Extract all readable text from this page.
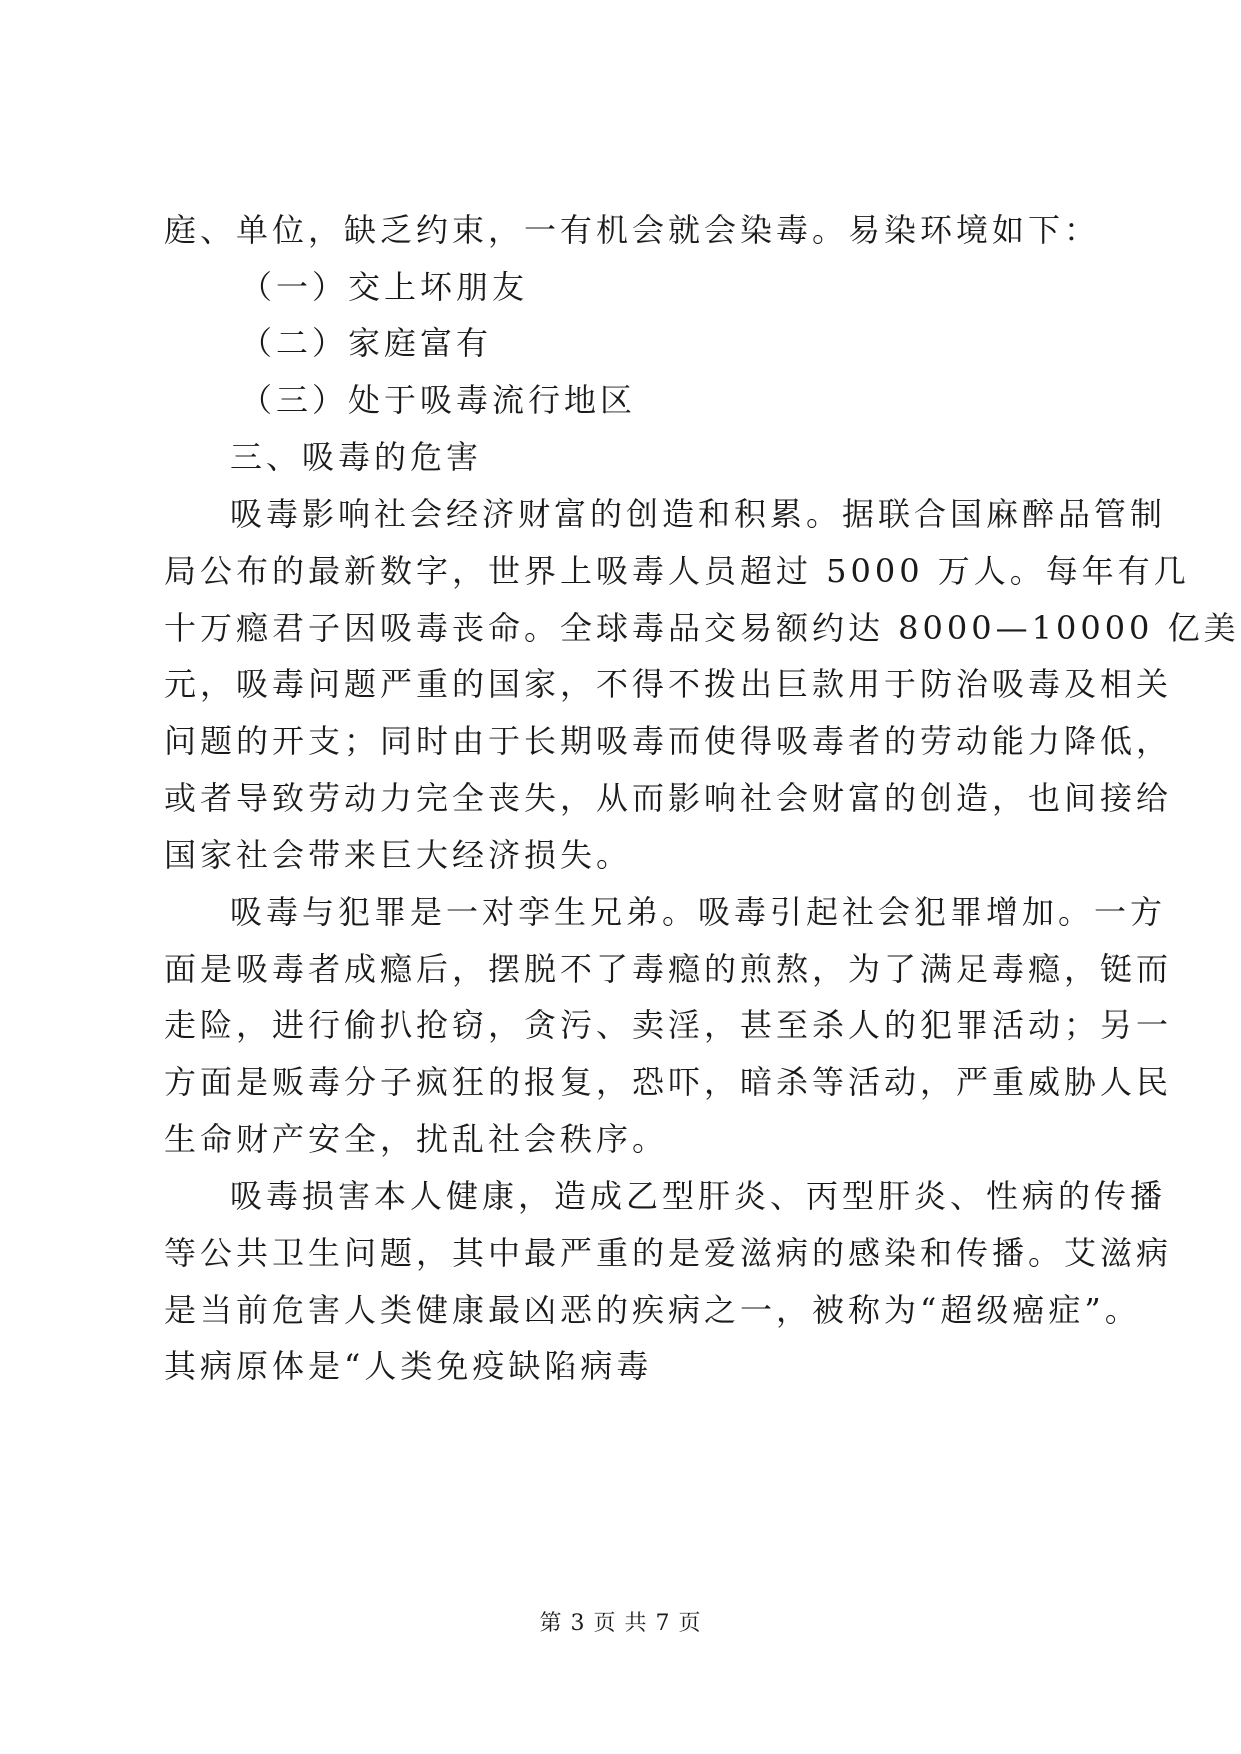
庭、单位，缺乏约束，一有机会就会染毒。易染环境如下：
（一）交上坏朋友
（二）家庭富有
（三）处于吸毒流行地区
三、吸毒的危害
吸毒影响社会经济财富的创造和积累。据联合国麻醉品管制
局公布的最新数字，世界上吸毒人员超过 5000 万人。每年有几
十万瘾君子因吸毒丧命。全球毒品交易额约达 8000—10000 亿美
元，吸毒问题严重的国家，不得不拨出巨款用于防治吸毒及相关
问题的开支；同时由于长期吸毒而使得吸毒者的劳动能力降低，
或者导致劳动力完全丧失，从而影响社会财富的创造，也间接给
国家社会带来巨大经济损失。
吸毒与犯罪是一对孪生兄弟。吸毒引起社会犯罪增加。一方
面是吸毒者成瘾后，摆脱不了毒瘾的煎熬，为了满足毒瘾，铤而
走险，进行偷扒抢窃，贪污、卖淫，甚至杀人的犯罪活动；另一
方面是贩毒分子疯狂的报复，恐吓，暗杀等活动，严重威胁人民
生命财产安全，扰乱社会秩序。
吸毒损害本人健康，造成乙型肝炎、丙型肝炎、性病的传播
等公共卫生问题，其中最严重的是爱滋病的感染和传播。艾滋病
是当前危害人类健康最凶恶的疾病之一，被称为“超级癌症”。
其病原体是“人类免疫缺陷病毒
第 3 页 共 7 页
